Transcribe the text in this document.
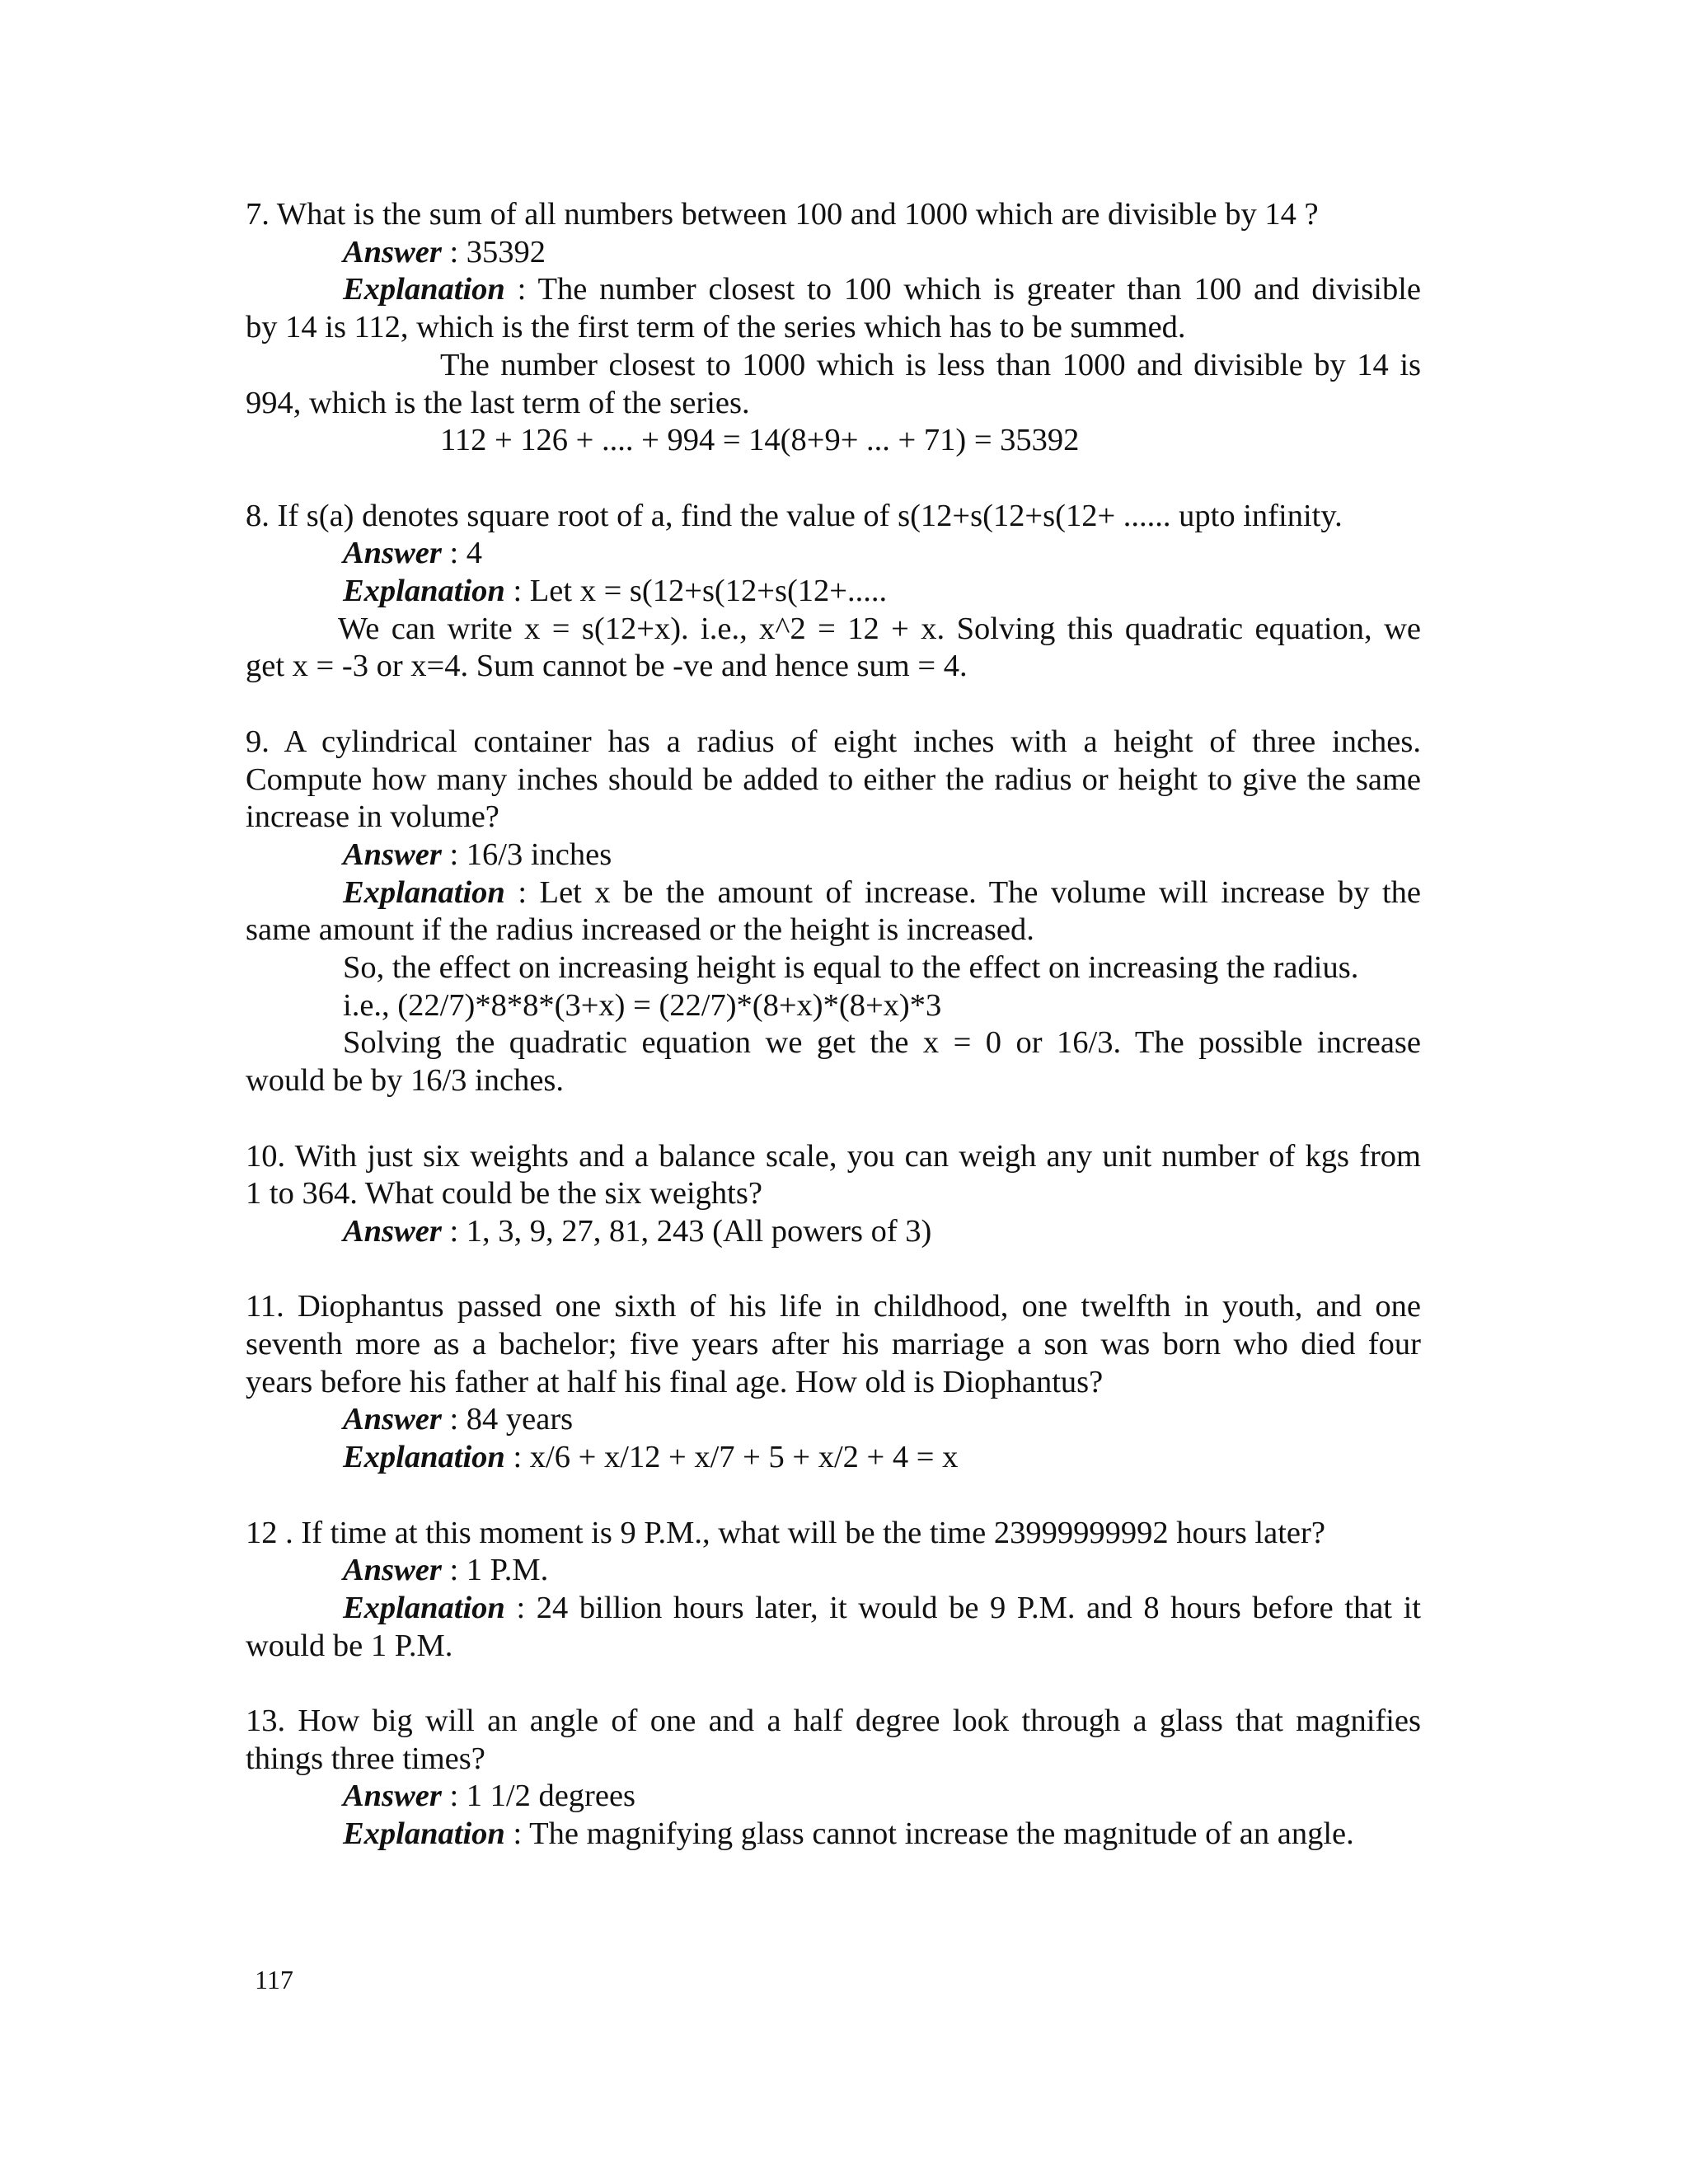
7. What is the sum of all numbers between 100 and 1000 which are divisible by 14 ?
Answer : 35392
Explanation : The number closest to 100 which is greater than 100 and divisible
by 14 is 112, which is the first term of the series which has to be summed.
The number closest to 1000 which is less than 1000 and divisible by 14 is
994, which is the last term of the series.
112 + 126 + .... + 994 = 14(8+9+ ... + 71) = 35392
8. If s(a) denotes square root of a, find the value of s(12+s(12+s(12+ ...... upto infinity.
Answer : 4
Explanation : Let x = s(12+s(12+s(12+.....
We can write x = s(12+x). i.e., x^2 = 12 + x. Solving this quadratic equation, we
get x = -3 or x=4. Sum cannot be -ve and hence sum = 4.
9. A cylindrical container has a radius of eight inches with a height of three inches.
Compute how many inches should be added to either the radius or height to give the same
increase in volume?
Answer : 16/3 inches
Explanation : Let x be the amount of increase. The volume will increase by the
same amount if the radius increased or the height is increased.
So, the effect on increasing height is equal to the effect on increasing the radius.
i.e., (22/7)*8*8*(3+x) = (22/7)*(8+x)*(8+x)*3
Solving the quadratic equation we get the x = 0 or 16/3. The possible increase
would be by 16/3 inches.
10. With just six weights and a balance scale, you can weigh any unit number of kgs from
1 to 364. What could be the six weights?
Answer : 1, 3, 9, 27, 81, 243 (All powers of 3)
11. Diophantus passed one sixth of his life in childhood, one twelfth in youth, and one
seventh more as a bachelor; five years after his marriage a son was born who died four
years before his father at half his final age. How old is Diophantus?
Answer : 84 years
Explanation : x/6 + x/12 + x/7 + 5 + x/2 + 4 = x
12 . If time at this moment is 9 P.M., what will be the time 23999999992 hours later?
Answer : 1 P.M.
Explanation : 24 billion hours later, it would be 9 P.M. and 8 hours before that it
would be 1 P.M.
13. How big will an angle of one and a half degree look through a glass that magnifies
things three times?
Answer : 1 1/2 degrees
Explanation : The magnifying glass cannot increase the magnitude of an angle.
117
